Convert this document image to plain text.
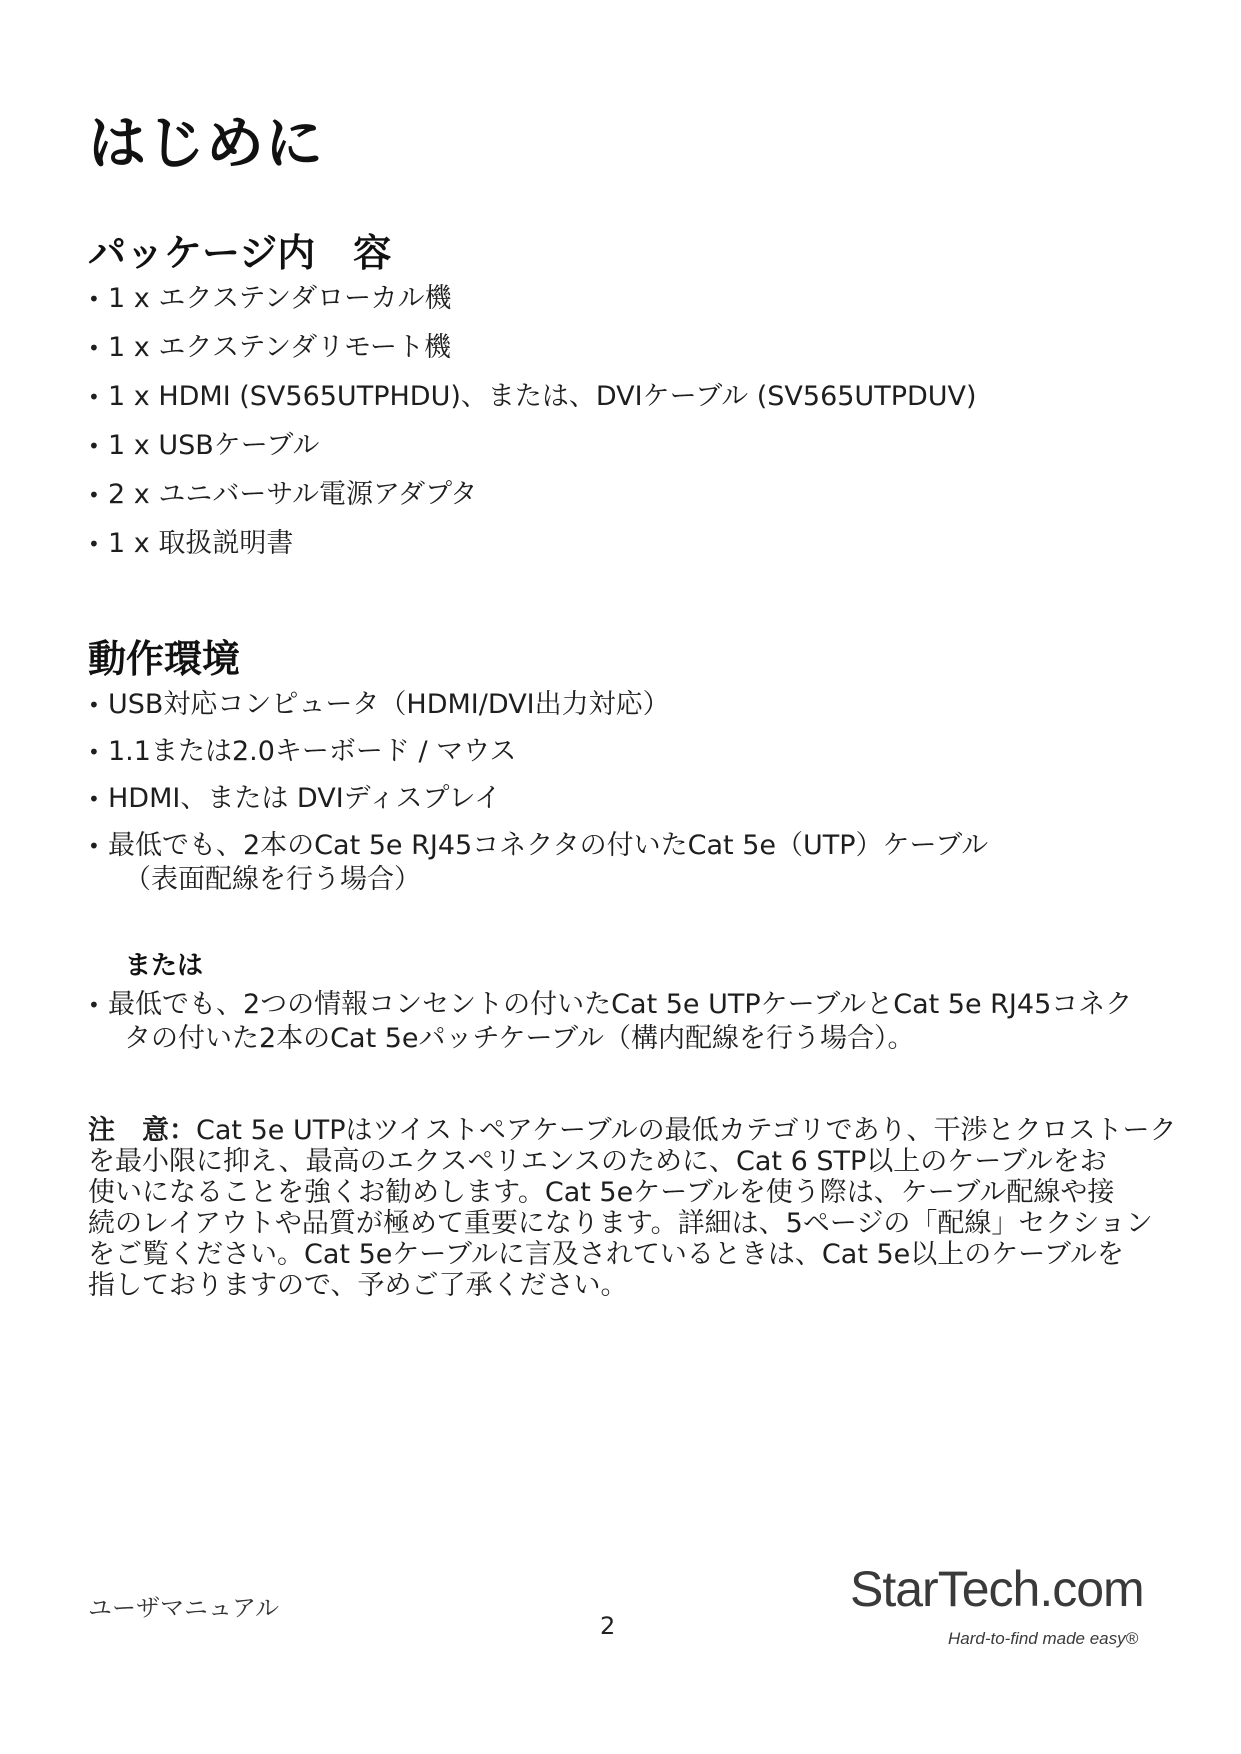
はじめに
パッケージ内　容
• 1 x エクステンダローカル機
• 1 x エクステンダリモート機
• 1 x HDMI (SV565UTPHDU)、または、DVIケーブル (SV565UTPDUV)
• 1 x USBケーブル
• 2 x ユニバーサル電源アダプタ
• 1 x 取扱説明書
動作環境
• USB対応コンピュータ（HDMI/DVI出力対応）
• 1.1または2.0キーボード / マウス
• HDMI、または DVIディスプレイ
• 最低でも、2本のCat 5e RJ45コネクタの付いたCat 5e（UTP）ケーブル
（表面配線を行う場合）
または
• 最低でも、2つの情報コンセントの付いたCat 5e UTPケーブルとCat 5e RJ45コネク
タの付いた2本のCat 5eパッチケーブル（構内配線を行う場合）。

注　意：Cat 5e UTPはツイストペアケーブルの最低カテゴリであり、干渉とクロストーク
を最小限に抑え、最高のエクスペリエンスのために、Cat 6 STP以上のケーブルをお
使いになることを強くお勧めします。Cat 5eケーブルを使う際は、ケーブル配線や接
続のレイアウトや品質が極めて重要になります。詳細は、5ページの「配線」セクション
をご覧ください。Cat 5eケーブルに言及されているときは、Cat 5e以上のケーブルを
指しておりますので、予めご了承ください。

ユーザマニュアル
2
StarTech.com
Hard-to-find made easy®
